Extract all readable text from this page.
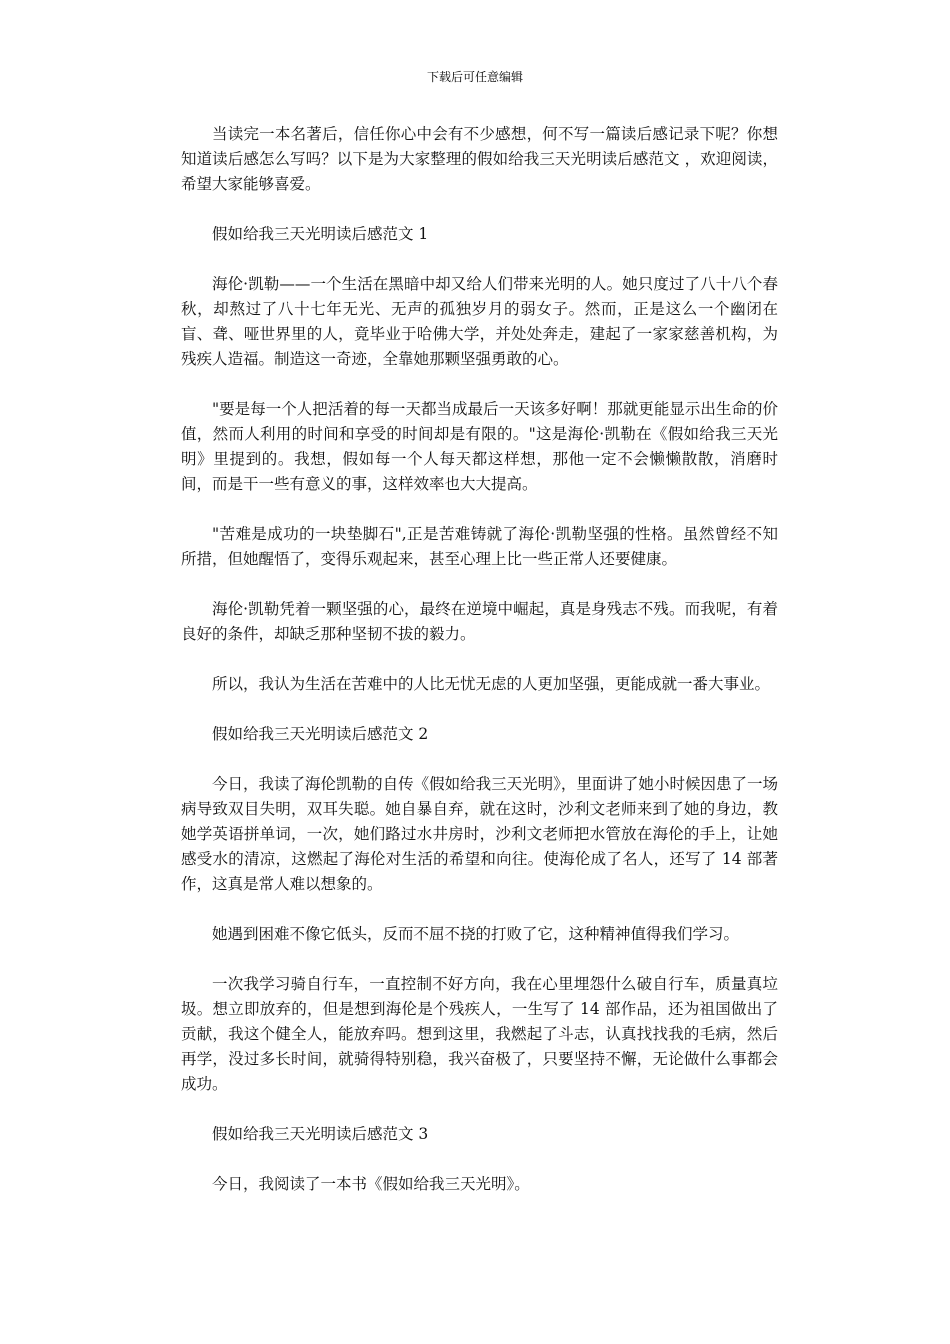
下载后可任意编辑

当读完一本名著后，信任你心中会有不少感想，何不写一篇读后感记录下呢？你想知道读后感怎么写吗？以下是为大家整理的假如给我三天光明读后感范文 ，欢迎阅读，希望大家能够喜爱。

假如给我三天光明读后感范文 1

海伦·凯勒——一个生活在黑暗中却又给人们带来光明的人。她只度过了八十八个春秋，却熬过了八十七年无光、无声的孤独岁月的弱女子。然而，正是这么一个幽闭在盲、聋、哑世界里的人，竟毕业于哈佛大学，并处处奔走，建起了一家家慈善机构，为残疾人造福。制造这一奇迹，全靠她那颗坚强勇敢的心。

"要是每一个人把活着的每一天都当成最后一天该多好啊！那就更能显示出生命的价值，然而人利用的时间和享受的时间却是有限的。"这是海伦·凯勒在《假如给我三天光明》里提到的。我想，假如每一个人每天都这样想，那他一定不会懒懒散散，消磨时间，而是干一些有意义的事，这样效率也大大提高。

"苦难是成功的一块垫脚石",正是苦难铸就了海伦·凯勒坚强的性格。虽然曾经不知所措，但她醒悟了，变得乐观起来，甚至心理上比一些正常人还要健康。

海伦·凯勒凭着一颗坚强的心，最终在逆境中崛起，真是身残志不残。而我呢，有着良好的条件，却缺乏那种坚韧不拔的毅力。

所以，我认为生活在苦难中的人比无忧无虑的人更加坚强，更能成就一番大事业。

假如给我三天光明读后感范文 2

今日，我读了海伦凯勒的自传《假如给我三天光明》，里面讲了她小时候因患了一场病导致双目失明，双耳失聪。她自暴自弃，就在这时，沙利文老师来到了她的身边，教她学英语拼单词，一次，她们路过水井房时，沙利文老师把水管放在海伦的手上，让她感受水的清凉，这燃起了海伦对生活的希望和向往。使海伦成了名人，还写了 14 部著作，这真是常人难以想象的。

她遇到困难不像它低头，反而不屈不挠的打败了它，这种精神值得我们学习。

一次我学习骑自行车，一直控制不好方向，我在心里埋怨什么破自行车，质量真垃圾。想立即放弃的，但是想到海伦是个残疾人，一生写了 14 部作品，还为祖国做出了贡献，我这个健全人，能放弃吗。想到这里，我燃起了斗志，认真找找我的毛病，然后再学，没过多长时间，就骑得特别稳，我兴奋极了，只要坚持不懈，无论做什么事都会成功。

假如给我三天光明读后感范文 3

今日，我阅读了一本书《假如给我三天光明》。
